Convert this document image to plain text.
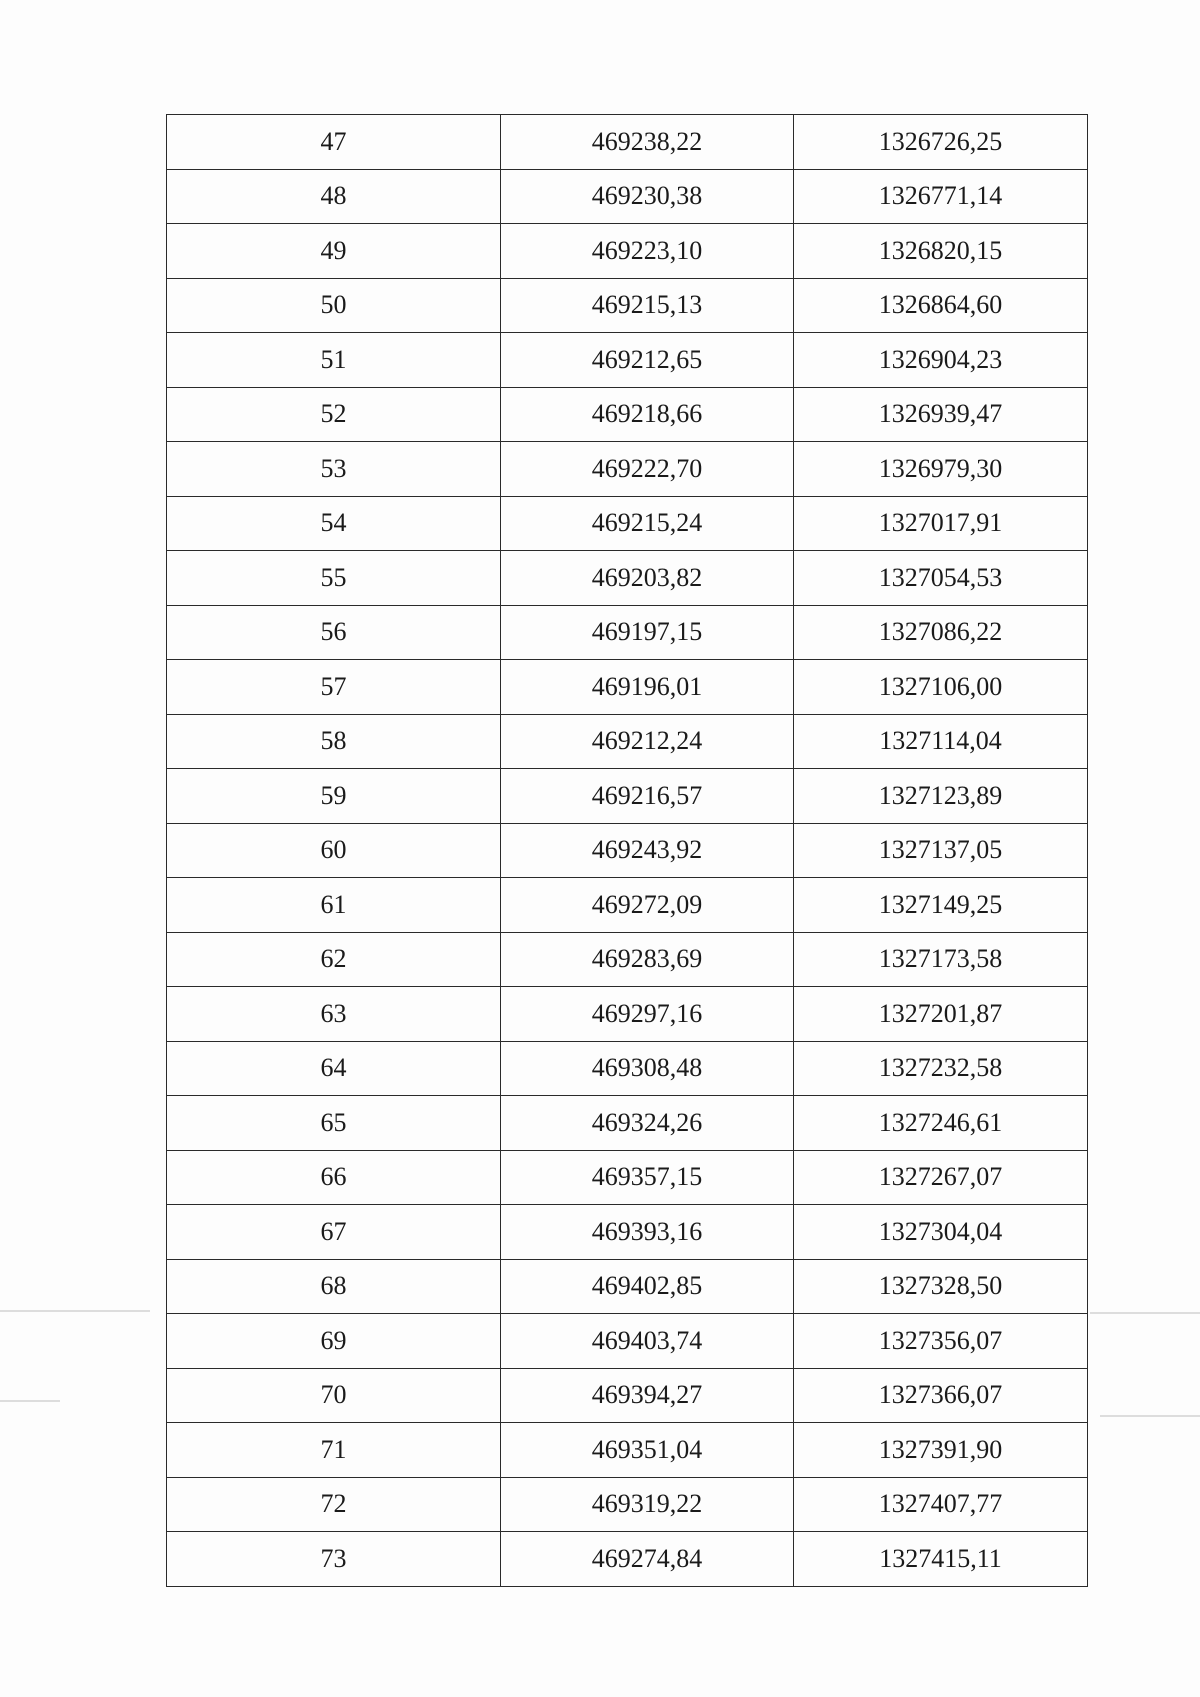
47	469238,22	1326726,25
48	469230,38	1326771,14
49	469223,10	1326820,15
50	469215,13	1326864,60
51	469212,65	1326904,23
52	469218,66	1326939,47
53	469222,70	1326979,30
54	469215,24	1327017,91
55	469203,82	1327054,53
56	469197,15	1327086,22
57	469196,01	1327106,00
58	469212,24	1327114,04
59	469216,57	1327123,89
60	469243,92	1327137,05
61	469272,09	1327149,25
62	469283,69	1327173,58
63	469297,16	1327201,87
64	469308,48	1327232,58
65	469324,26	1327246,61
66	469357,15	1327267,07
67	469393,16	1327304,04
68	469402,85	1327328,50
69	469403,74	1327356,07
70	469394,27	1327366,07
71	469351,04	1327391,90
72	469319,22	1327407,77
73	469274,84	1327415,11
